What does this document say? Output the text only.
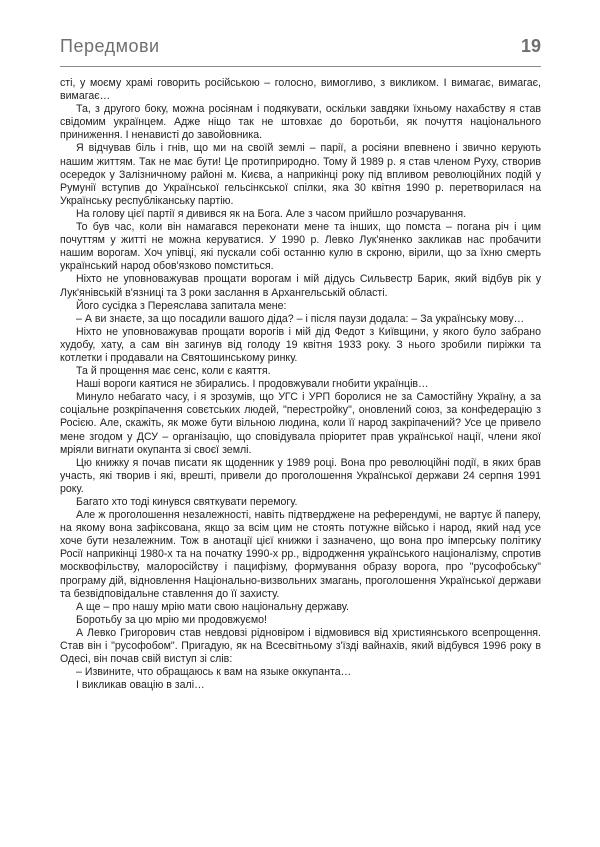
Передмови	19

сті, у моєму храмі говорить російською – голосно, вимогливо, з викликом. І вимагає, вимагає, вимагає…

Та, з другого боку, можна росіянам і подякувати, оскільки завдяки їхньому нахабству я став свідомим українцем. Адже ніщо так не штовхає до боротьби, як почуття національного приниження. І ненависті до завойовника.

Я відчував біль і гнів, що ми на своїй землі – парії, а росіяни впевнено і звично керують нашим життям. Так не має бути! Це протиприродно. Тому й 1989 р. я став членом Руху, створив осередок у Залізничному районі м. Києва, а наприкінці року під впливом революційних подій у Румунії вступив до Української гельсінкської спілки, яка 30 квітня 1990 р. перетворилася на Українську республіканську партію.

На голову цієї партії я дивився як на Бога. Але з часом прийшло розчарування.

То був час, коли він намагався переконати мене та інших, що помста – погана річ і цим почуттям у житті не можна керуватися. У 1990 р. Левко Лук'яненко закликав нас пробачити нашим ворогам. Хоч упівці, які пускали собі останню кулю в скроню, вірили, що за їхню смерть український народ обов'язково помститься.

Ніхто не уповноважував прощати ворогам і мій дідусь Сильвестр Барик, який відбув рік у Лук'янівській в'язниці та 3 роки заслання в Архангельській області.

Його сусідка з Переяслава запитала мене:

– А ви знаєте, за що посадили вашого діда? – і після паузи додала: – За українську мову…

Ніхто не уповноважував прощати ворогів і мій дід Федот з Київщини, у якого було забрано худобу, хату, а сам він загинув від голоду 19 квітня 1933 року. З нього зробили пиріжки та котлетки і продавали на Святошинському ринку.

Та й прощення має сенс, коли є каяття.

Наші вороги каятися не збирались. І продовжували гнобити українців…

Минуло небагато часу, і я зрозумів, що УГС і УРП боролися не за Самостійну Україну, а за соціальне розкріпачення совєтських людей, "перестройку", оновлений союз, за конфедерацію з Росією. Але, скажіть, як може бути вільною людина, коли її народ закріпачений? Усе це привело мене згодом у ДСУ – організацію, що сповідувала пріоритет прав української нації, члени якої мріяли вигнати окупанта зі своєї землі.

Цю книжку я почав писати як щоденник у 1989 році. Вона про революційні події, в яких брав участь, які творив і які, врешті, привели до проголошення Української держави 24 серпня 1991 року.

Багато хто тоді кинувся святкувати перемогу.

Але ж проголошення незалежності, навіть підтверджене на референдумі, не вартує й паперу, на якому вона зафіксована, якщо за всім цим не стоять потужне військо і народ, який над усе хоче бути незалежним. Тож в анотації цієї книжки і зазначено, що вона про імперську політику Росії наприкінці 1980-х та на початку 1990-х рр., відродження українського націоналізму, спротив москвофільству, малоросійству і пацифізму, формування образу ворога, про "русофобську" програму дій, відновлення Національно-визвольних змагань, проголошення Української держави та безвідповідальне ставлення до її захисту.

А ще – про нашу мрію мати свою національну державу.

Боротьбу за цю мрію ми продовжуємо!

А Левко Григорович став невдовзі рідновіром і відмовився від християнського всепрощення. Став він і "русофобом". Пригадую, як на Всесвітньому з'їзді вайнахів, який відбувся 1996 року в Одесі, він почав свій виступ зі слів:

– Извините, что обращаюсь к вам на языке оккупанта…

І викликав овацію в залі…
